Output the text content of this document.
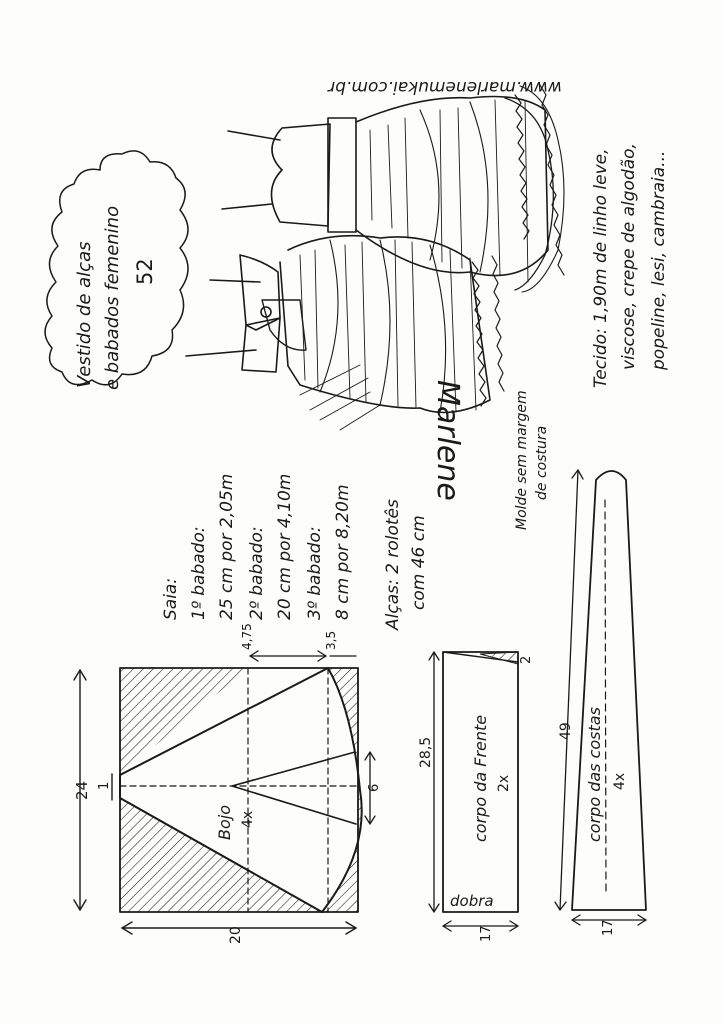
Marlene
www.marlenemukai.com.br
Vestido de alças e babados femenino 52	Tecido: 1,90m de linho leve, viscose, crepe de algodão, popeline, lesi, cambraia...
Molde sem margem de costura
Saia: 1º babado: 25 cm por 2,05m 2º babado: 20 cm por 4,10m 3º babado: 8 cm por 8,20m Alças: 2 rolotês com 46 cm
24 1
20
4,75	3,5
6
Bojo 4x
28,5
2
17
dobra
corpo da Frente 2x
49
17
corpo das costas 4x
